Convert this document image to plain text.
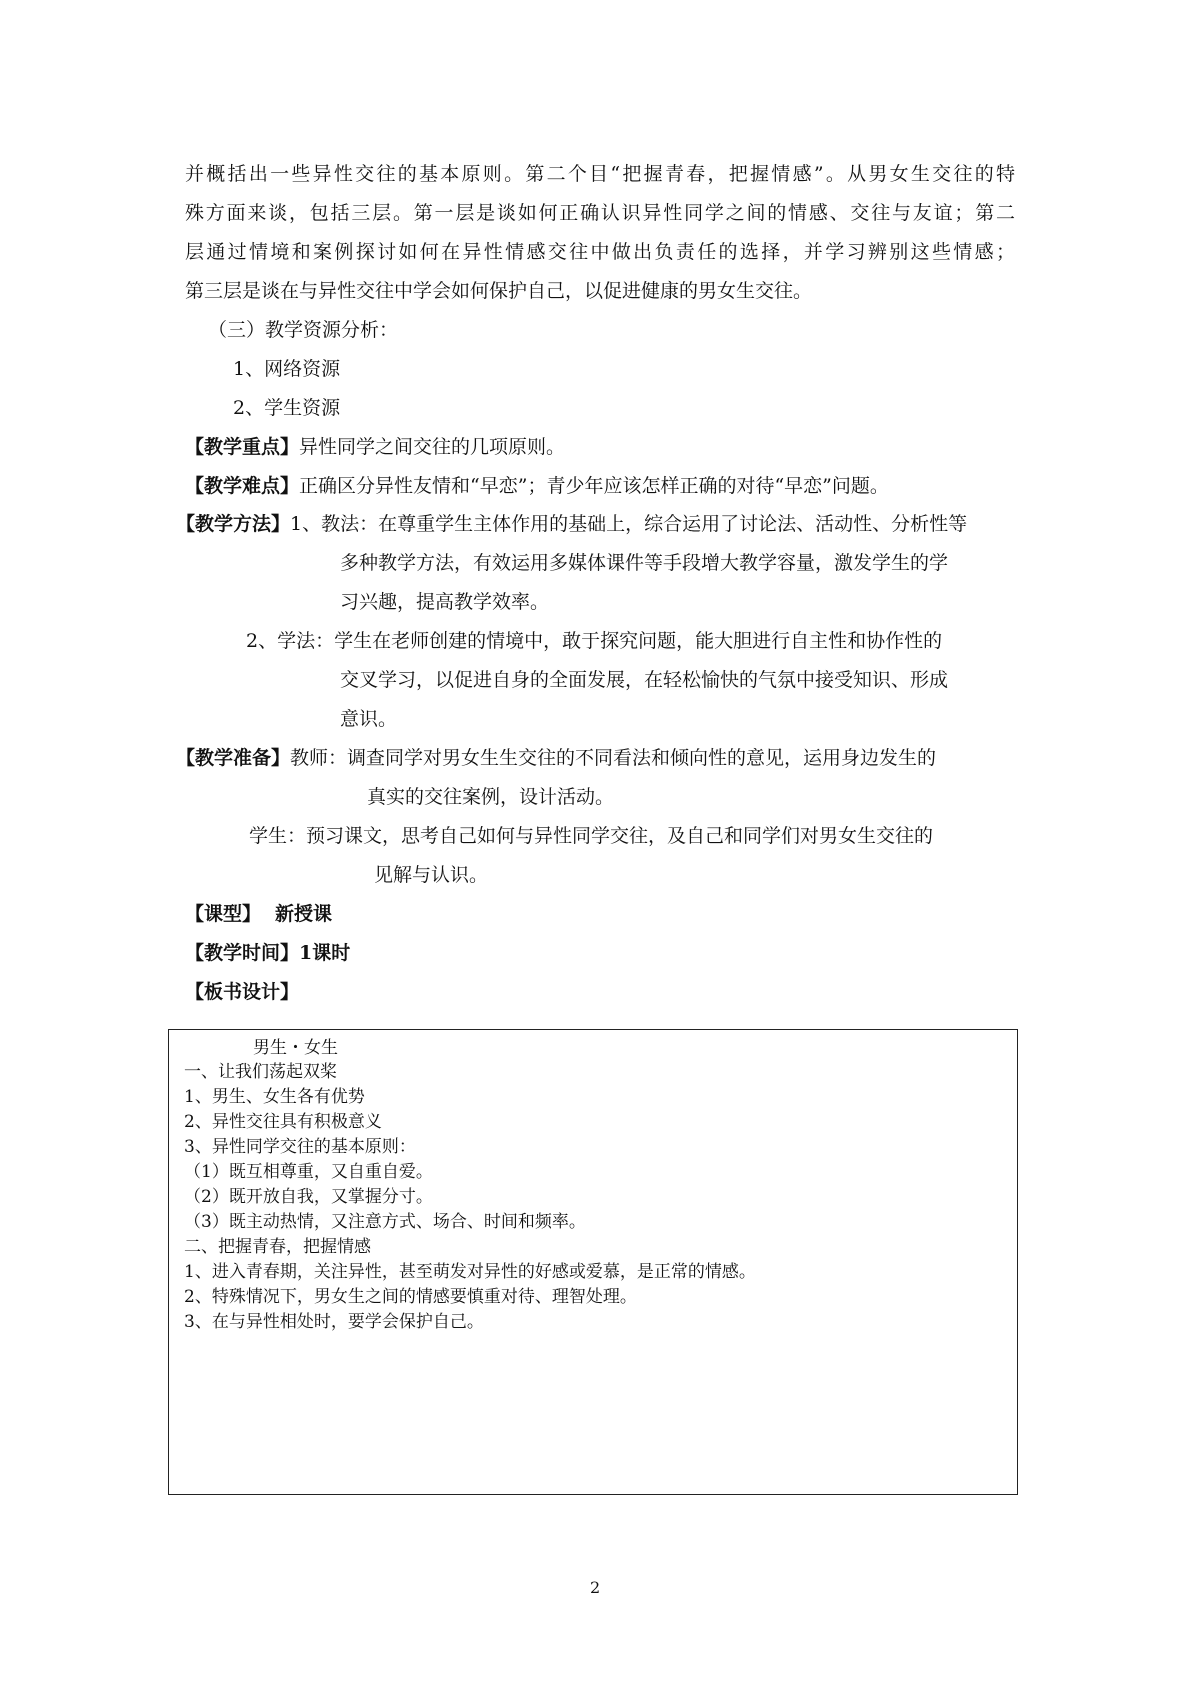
并概括出一些异性交往的基本原则。第二个目“把握青春，把握情感”。从男女生交往的特
殊方面来谈，包括三层。第一层是谈如何正确认识异性同学之间的情感、交往与友谊；第二
层通过情境和案例探讨如何在异性情感交往中做出负责任的选择，并学习辨别这些情感；
第三层是谈在与异性交往中学会如何保护自己，以促进健康的男女生交往。
（三）教学资源分析：
1、网络资源
2、学生资源
【教学重点】异性同学之间交往的几项原则。
【教学难点】正确区分异性友情和“早恋”；青少年应该怎样正确的对待“早恋”问题。
【教学方法】1、教法：在尊重学生主体作用的基础上，综合运用了讨论法、活动性、分析性等
多种教学方法，有效运用多媒体课件等手段增大教学容量，激发学生的学
习兴趣，提高教学效率。
2、学法：学生在老师创建的情境中，敢于探究问题，能大胆进行自主性和协作性的
交叉学习，以促进自身的全面发展，在轻松愉快的气氛中接受知识、形成
意识。
【教学准备】教师：调查同学对男女生生交往的不同看法和倾向性的意见，运用身边发生的
真实的交往案例，设计活动。
学生：预习课文，思考自己如何与异性同学交往，及自己和同学们对男女生交往的
见解与认识。
【课型】 新授课
【教学时间】1课时
【板书设计】
男生・女生
一、让我们荡起双桨
1、男生、女生各有优势
2、异性交往具有积极意义
3、异性同学交往的基本原则：
（1）既互相尊重，又自重自爱。
（2）既开放自我，又掌握分寸。
（3）既主动热情，又注意方式、场合、时间和频率。
二、把握青春，把握情感
1、进入青春期，关注异性，甚至萌发对异性的好感或爱慕，是正常的情感。
2、特殊情况下，男女生之间的情感要慎重对待、理智处理。
3、在与异性相处时，要学会保护自己。
2
